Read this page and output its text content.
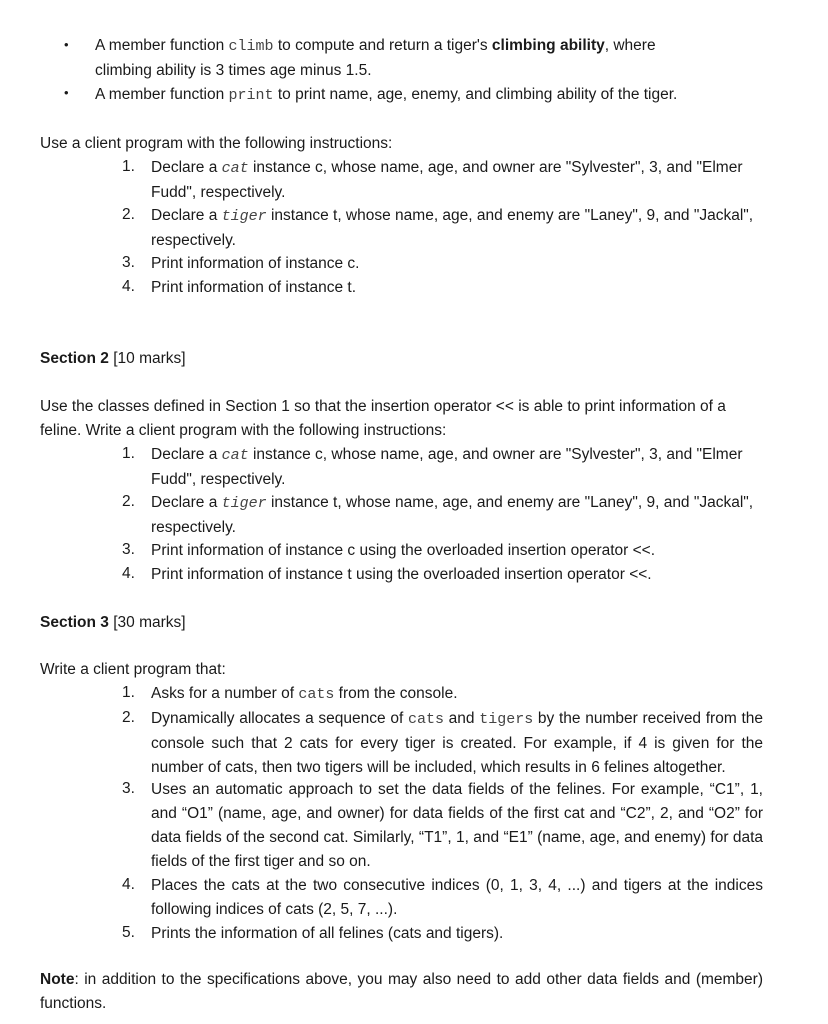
• A member function climb to compute and return a tiger's climbing ability, where
climbing ability is 3 times age minus 1.5.
• A member function print to print name, age, enemy, and climbing ability of the tiger.
Use a client program with the following instructions:
1. Declare a cat instance c, whose name, age, and owner are "Sylvester", 3, and "Elmer
Fudd", respectively.
2. Declare a tiger instance t, whose name, age, and enemy are "Laney", 9, and "Jackal",
respectively.
3. Print information of instance c.
4. Print information of instance t.
Section 2 [10 marks]
Use the classes defined in Section 1 so that the insertion operator << is able to print information of a
feline. Write a client program with the following instructions:
1. Declare a cat instance c, whose name, age, and owner are "Sylvester", 3, and "Elmer
Fudd", respectively.
2. Declare a tiger instance t, whose name, age, and enemy are "Laney", 9, and "Jackal",
respectively.
3. Print information of instance c using the overloaded insertion operator <<.
4. Print information of instance t using the overloaded insertion operator <<.
Section 3 [30 marks]
Write a client program that:
1. Asks for a number of cats from the console.
2. Dynamically allocates a sequence of cats and tigers by the number received from the console such that 2 cats for every tiger is created. For example, if 4 is given for the number of cats, then two tigers will be included, which results in 6 felines altogether.
3. Uses an automatic approach to set the data fields of the felines. For example, “C1”, 1, and “O1” (name, age, and owner) for data fields of the first cat and “C2”, 2, and “O2” for data fields of the second cat. Similarly, “T1”, 1, and “E1” (name, age, and enemy) for data fields of the first tiger and so on.
4. Places the cats at the two consecutive indices (0, 1, 3, 4, ...) and tigers at the indices following indices of cats (2, 5, 7, ...).
5. Prints the information of all felines (cats and tigers).
Note: in addition to the specifications above, you may also need to add other data fields and (member) functions.
